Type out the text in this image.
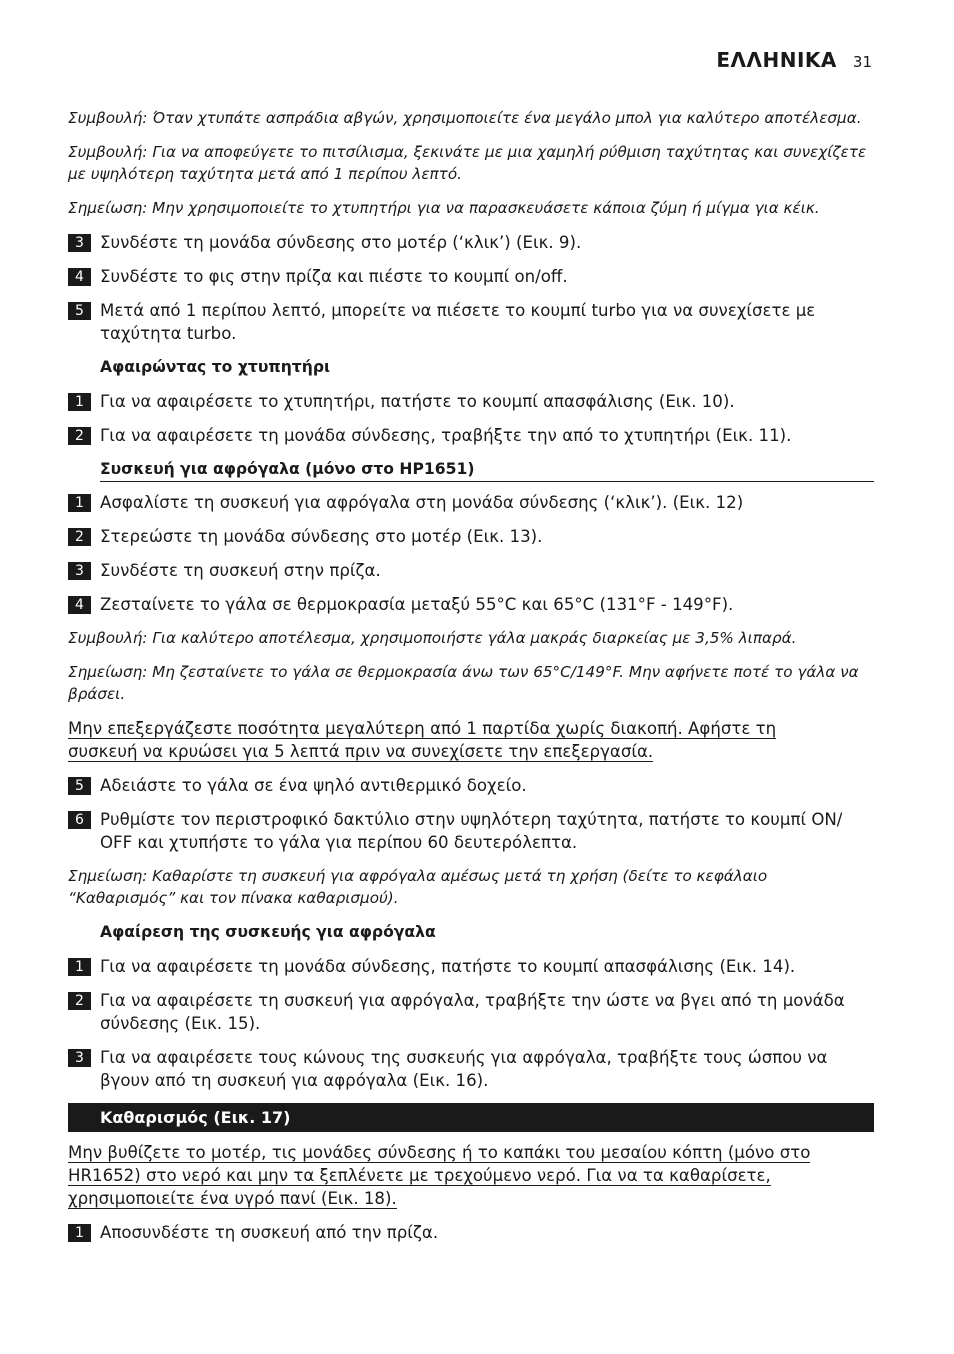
ΕΛΛΗΝΙΚΑ 31

Συμβουλή: Όταν χτυπάτε ασπράδια αβγών, χρησιμοποιείτε ένα μεγάλο μπολ για καλύτερο αποτέλεσμα.

Συμβουλή: Για να αποφεύγετε το πιτσίλισμα, ξεκινάτε με μια χαμηλή ρύθμιση ταχύτητας και συνεχίζετε με υψηλότερη ταχύτητα μετά από 1 περίπου λεπτό.

Σημείωση: Μην χρησιμοποιείτε το χτυπητήρι για να παρασκευάσετε κάποια ζύμη ή μίγμα για κέικ.

3 Συνδέστε τη μονάδα σύνδεσης στο μοτέρ (‘κλικ’) (Εικ. 9).
4 Συνδέστε το φις στην πρίζα και πιέστε το κουμπί on/off.
5 Μετά από 1 περίπου λεπτό, μπορείτε να πιέσετε το κουμπί turbo για να συνεχίσετε με ταχύτητα turbo.
Αφαιρώντας το χτυπητήρι
1 Για να αφαιρέσετε το χτυπητήρι, πατήστε το κουμπί απασφάλισης (Εικ. 10).
2 Για να αφαιρέσετε τη μονάδα σύνδεσης, τραβήξτε την από το χτυπητήρι (Εικ. 11).
Συσκευή για αφρόγαλα (μόνο στο HP1651)
1 Ασφαλίστε τη συσκευή για αφρόγαλα στη μονάδα σύνδεσης (‘κλικ’). (Εικ. 12)
2 Στερεώστε τη μονάδα σύνδεσης στο μοτέρ (Εικ. 13).
3 Συνδέστε τη συσκευή στην πρίζα.
4 Ζεσταίνετε το γάλα σε θερμοκρασία μεταξύ 55°C και 65°C (131°F - 149°F).

Συμβουλή: Για καλύτερο αποτέλεσμα, χρησιμοποιήστε γάλα μακράς διαρκείας με 3,5% λιπαρά.

Σημείωση: Μη ζεσταίνετε το γάλα σε θερμοκρασία άνω των 65°C/149°F. Μην αφήνετε ποτέ το γάλα να βράσει.

Μην επεξεργάζεστε ποσότητα μεγαλύτερη από 1 παρτίδα χωρίς διακοπή. Αφήστε τη
συσκευή να κρυώσει για 5 λεπτά πριν να συνεχίσετε την επεξεργασία.
5 Αδειάστε το γάλα σε ένα ψηλό αντιθερμικό δοχείο.
6 Ρυθμίστε τον περιστροφικό δακτύλιο στην υψηλότερη ταχύτητα, πατήστε το κουμπί ON/ OFF και χτυπήστε το γάλα για περίπου 60 δευτερόλεπτα.

Σημείωση: Καθαρίστε τη συσκευή για αφρόγαλα αμέσως μετά τη χρήση (δείτε το κεφάλαιο “Καθαρισμός” και τον πίνακα καθαρισμού).

Αφαίρεση της συσκευής για αφρόγαλα
1 Για να αφαιρέσετε τη μονάδα σύνδεσης, πατήστε το κουμπί απασφάλισης (Εικ. 14).
2 Για να αφαιρέσετε τη συσκευή για αφρόγαλα, τραβήξτε την ώστε να βγει από τη μονάδα σύνδεσης (Εικ. 15).
3 Για να αφαιρέσετε τους κώνους της συσκευής για αφρόγαλα, τραβήξτε τους ώσπου να βγουν από τη συσκευή για αφρόγαλα (Εικ. 16).
Καθαρισμός (Εικ. 17)
Μην βυθίζετε το μοτέρ, τις μονάδες σύνδεσης ή το καπάκι του μεσαίου κόπτη (μόνο στο
HR1652) στο νερό και μην τα ξεπλένετε με τρεχούμενο νερό. Για να τα καθαρίσετε,
χρησιμοποιείτε ένα υγρό πανί (Εικ. 18).
1 Αποσυνδέστε τη συσκευή από την πρίζα.
